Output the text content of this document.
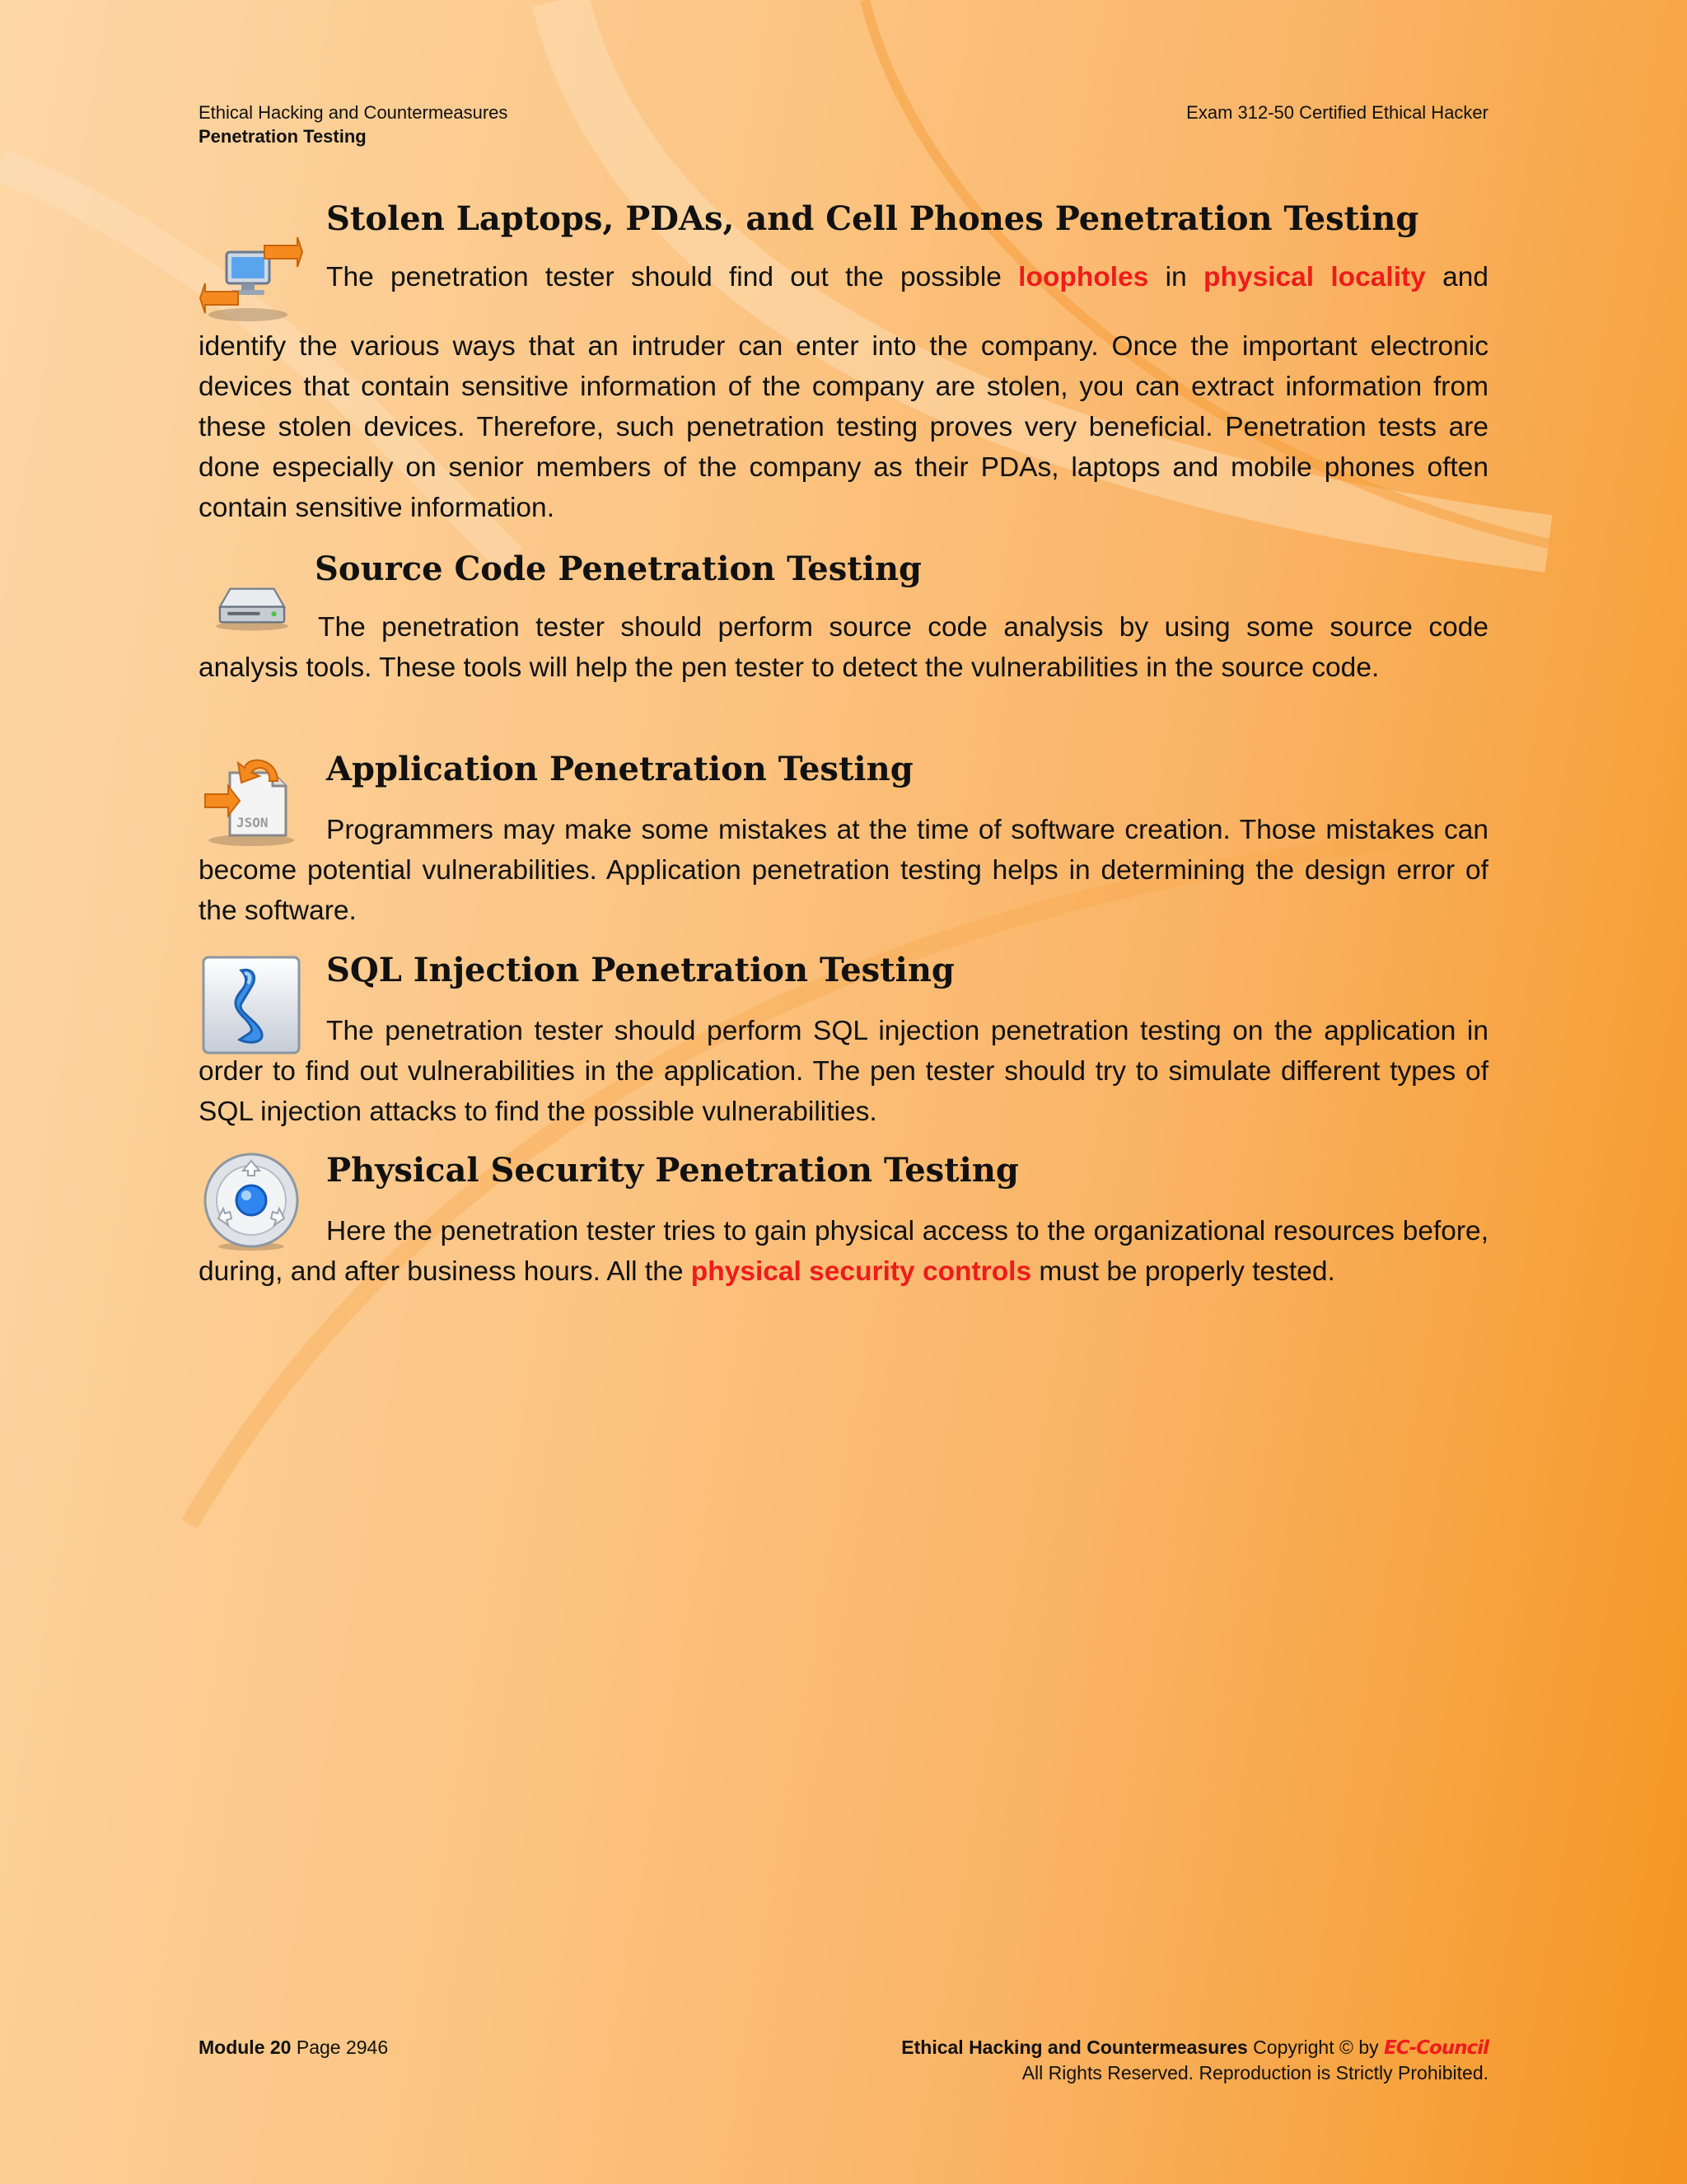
Ethical Hacking and Countermeasures
Penetration Testing
Exam 312-50 Certified Ethical Hacker
Stolen Laptops, PDAs, and Cell Phones Penetration Testing

The penetration tester should find out the possible loopholes in physical locality and

identify the various ways that an intruder can enter into the company. Once the important electronic devices that contain sensitive information of the company are stolen, you can extract information from these stolen devices. Therefore, such penetration testing proves very beneficial. Penetration tests are done especially on senior members of the company as their PDAs, laptops and mobile phones often contain sensitive information.

Source Code Penetration Testing

The penetration tester should perform source code analysis by using some source code analysis tools. These tools will help the pen tester to detect the vulnerabilities in the source code.

JSON
Application Penetration Testing

Programmers may make some mistakes at the time of software creation. Those mistakes can become potential vulnerabilities. Application penetration testing helps in determining the design error of the software.

SQL Injection Penetration Testing

The penetration tester should perform SQL injection penetration testing on the application in order to find out vulnerabilities in the application. The pen tester should try to simulate different types of SQL injection attacks to find the possible vulnerabilities.

Physical Security Penetration Testing

Here the penetration tester tries to gain physical access to the organizational resources before, during, and after business hours. All the physical security controls must be properly tested.

Module 20 Page 2946	Ethical Hacking and Countermeasures Copyright © by EC-Council
All Rights Reserved. Reproduction is Strictly Prohibited.
